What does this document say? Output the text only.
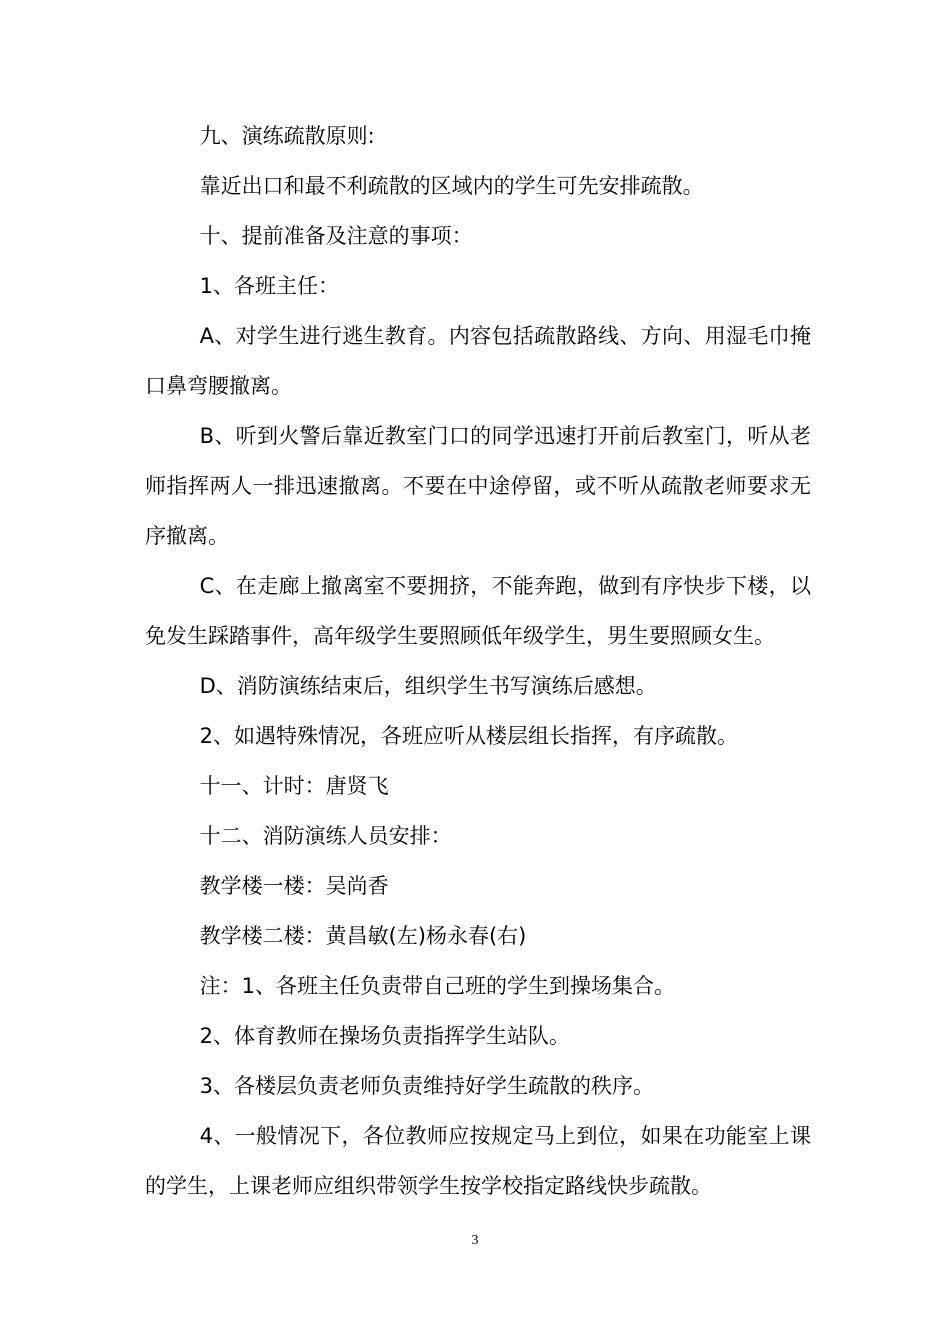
九、演练疏散原则:

靠近出口和最不利疏散的区域内的学生可先安排疏散。

十、提前准备及注意的事项：

1、各班主任：

A、对学生进行逃生教育。内容包括疏散路线、方向、用湿毛巾掩口鼻弯腰撤离。

B、听到火警后靠近教室门口的同学迅速打开前后教室门，听从老师指挥两人一排迅速撤离。不要在中途停留，或不听从疏散老师要求无序撤离。

C、在走廊上撤离室不要拥挤，不能奔跑，做到有序快步下楼，以免发生踩踏事件，高年级学生要照顾低年级学生，男生要照顾女生。

D、消防演练结束后，组织学生书写演练后感想。

2、如遇特殊情况，各班应听从楼层组长指挥，有序疏散。

十一、计时：唐贤飞

十二、消防演练人员安排：

教学楼一楼：吴尚香

教学楼二楼：黄昌敏(左)杨永春(右)

注：1、各班主任负责带自己班的学生到操场集合。

2、体育教师在操场负责指挥学生站队。

3、各楼层负责老师负责维持好学生疏散的秩序。

4、一般情况下，各位教师应按规定马上到位，如果在功能室上课的学生，上课老师应组织带领学生按学校指定路线快步疏散。

3
